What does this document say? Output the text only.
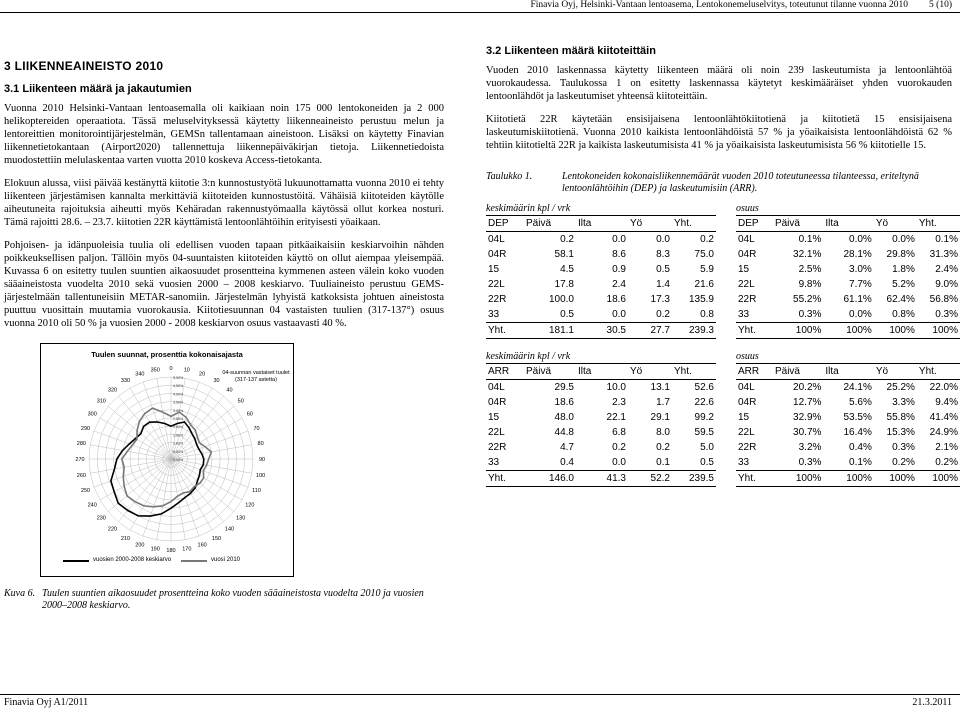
Finavia Oyj, Helsinki-Vantaan lentoasema, Lentokonemeluselvitys, toteutunut tilanne vuonna 2010 5 (10)
3 LIIKENNEAINEISTO 2010
3.1 Liikenteen määrä ja jakautumien

Vuonna 2010 Helsinki-Vantaan lentoasemalla oli kaikiaan noin 175 000 lentokoneiden ja 2 000 helikoptereiden operaatiota. Tässä meluselvityksessä käytetty liikenneaineisto perustuu melun ja lentoreittien monitorointijärjestelmän, GEMSn tallentamaan aineistoon. Lisäksi on käytetty Finavian liikennetietokantaan (Airport2020) tallennettuja liikennepäiväkirjan tietoja. Liikennetiedoista muodostettiin melulaskentaa varten vuotta 2010 koskeva Access-tietokanta.

Elokuun alussa, viisi päivää kestänyttä kiitotie 3:n kunnostustyötä lukuunottamatta vuonna 2010 ei tehty liikenteen järjestämisen kannalta merkittäviä kiitoteiden kunnostustöitä. Vähäisiä kiitoteiden käytölle aiheutuneita rajoituksia aiheutti myös Kehäradan rakennustyömaalla käytössä ollut korkea nosturi. Tämä rajoitti 28.6. – 23.7. kiitotien 22R käyttämistä lentoonlähtöihin erityisesti yöaikaan.

Pohjoisen- ja idänpuoleisia tuulia oli edellisen vuoden tapaan pitkäaikaisiin keskiarvoihin nähden poikkeuksellisen paljon. Tällöin myös 04-suuntaisten kiitoteiden käyttö on ollut aiempaa yleisempää. Kuvassa 6 on esitetty tuulen suuntien aikaosuudet prosentteina kymmenen asteen välein koko vuoden sääaineistosta vuodelta 2010 sekä vuosien 2000 – 2008 keskiarvo. Tuuliaineisto perustuu GEMS-järjestelmään tallentuneisiin METAR-sanomiin. Järjestelmän lyhyistä katkoksista johtuen aineistosta puuttuu vuosittain muutamia vuorokausia. Kiitotiesuunnan 04 vastaisten tuulien (317-137°) osuus vuonna 2010 oli 50 % ja vuosien 2000 - 2008 keskiarvon osuus vastaavasti 40 %.

Tuulen suunnat, prosenttia kokonaisajasta
04-suunnan vastaiset tuulet (317-137 astetta)
0 10
20
30
40
50
60
70
80
90
100
110
120
130
140
150
160
170
180
190
200
210
220
230
240
250
260
270
280
290
300
310
320
330
340
350
0,00%
0,50%
1,00%
1,50%
2,00%
2,50%
3,00%
3,50%
4,00%
4,50%
5,00%
vuosien 2000-2008 keskiarvo	vuosi 2010
Kuva 6. Tuulen suuntien aikaosuudet prosentteina koko vuoden sääaineistosta vuodelta 2010 ja vuosien 2000–2008 keskiarvo.
3.2 Liikenteen määrä kiitoteittäin

Vuoden 2010 laskennassa käytetty liikenteen määrä oli noin 239 laskeutumista ja lentoonlähtöä vuorokaudessa. Taulukossa 1 on esitetty laskennassa käytetyt keskimääräiset yhden vuorokauden lentoonlähdöt ja laskeutumiset yhteensä kiitoteittäin.

Kiitotietä 22R käytetään ensisijaisena lentoonlähtökiitotienä ja kiitotietä 15 ensisijaisena laskeutumiskiitotienä. Vuonna 2010 kaikista lentoonlähdöistä 57 % ja yöaikaisista lentoonlähdöistä 62 % tehtiin kiitotieltä 22R ja kaikista laskeutumisista 41 % ja yöaikaisista laskeutumisista 56 % kiitotielle 15.

Taulukko 1.	Lentokoneiden kokonaisliikennemäärät vuoden 2010 toteutuneessa tilanteessa, eriteltynä lentoonlähtöihin (DEP) ja laskeutumisiin (ARR).
keskimäärin kpl / vrk
DEP	Päivä	Ilta	Yö	Yht.
04L	0.2	0.0	0.0	0.2
04R	58.1	8.6	8.3	75.0
15	4.5	0.9	0.5	5.9
22L	17.8	2.4	1.4	21.6
22R	100.0	18.6	17.3	135.9
33	0.5	0.0	0.2	0.8
Yht.	181.1	30.5	27.7	239.3
osuus
DEP	Päivä	Ilta	Yö	Yht.
04L	0.1%	0.0%	0.0%	0.1%
04R	32.1%	28.1%	29.8%	31.3%
15	2.5%	3.0%	1.8%	2.4%
22L	9.8%	7.7%	5.2%	9.0%
22R	55.2%	61.1%	62.4%	56.8%
33	0.3%	0.0%	0.8%	0.3%
Yht.	100%	100%	100%	100%
keskimäärin kpl / vrk
ARR	Päivä	Ilta	Yö	Yht.
04L	29.5	10.0	13.1	52.6
04R	18.6	2.3	1.7	22.6
15	48.0	22.1	29.1	99.2
22L	44.8	6.8	8.0	59.5
22R	4.7	0.2	0.2	5.0
33	0.4	0.0	0.1	0.5
Yht.	146.0	41.3	52.2	239.5
osuus
ARR	Päivä	Ilta	Yö	Yht.
04L	20.2%	24.1%	25.2%	22.0%
04R	12.7%	5.6%	3.3%	9.4%
15	32.9%	53.5%	55.8%	41.4%
22L	30.7%	16.4%	15.3%	24.9%
22R	3.2%	0.4%	0.3%	2.1%
33	0.3%	0.1%	0.2%	0.2%
Yht.	100%	100%	100%	100%
Finavia Oyj A1/2011	21.3.2011
